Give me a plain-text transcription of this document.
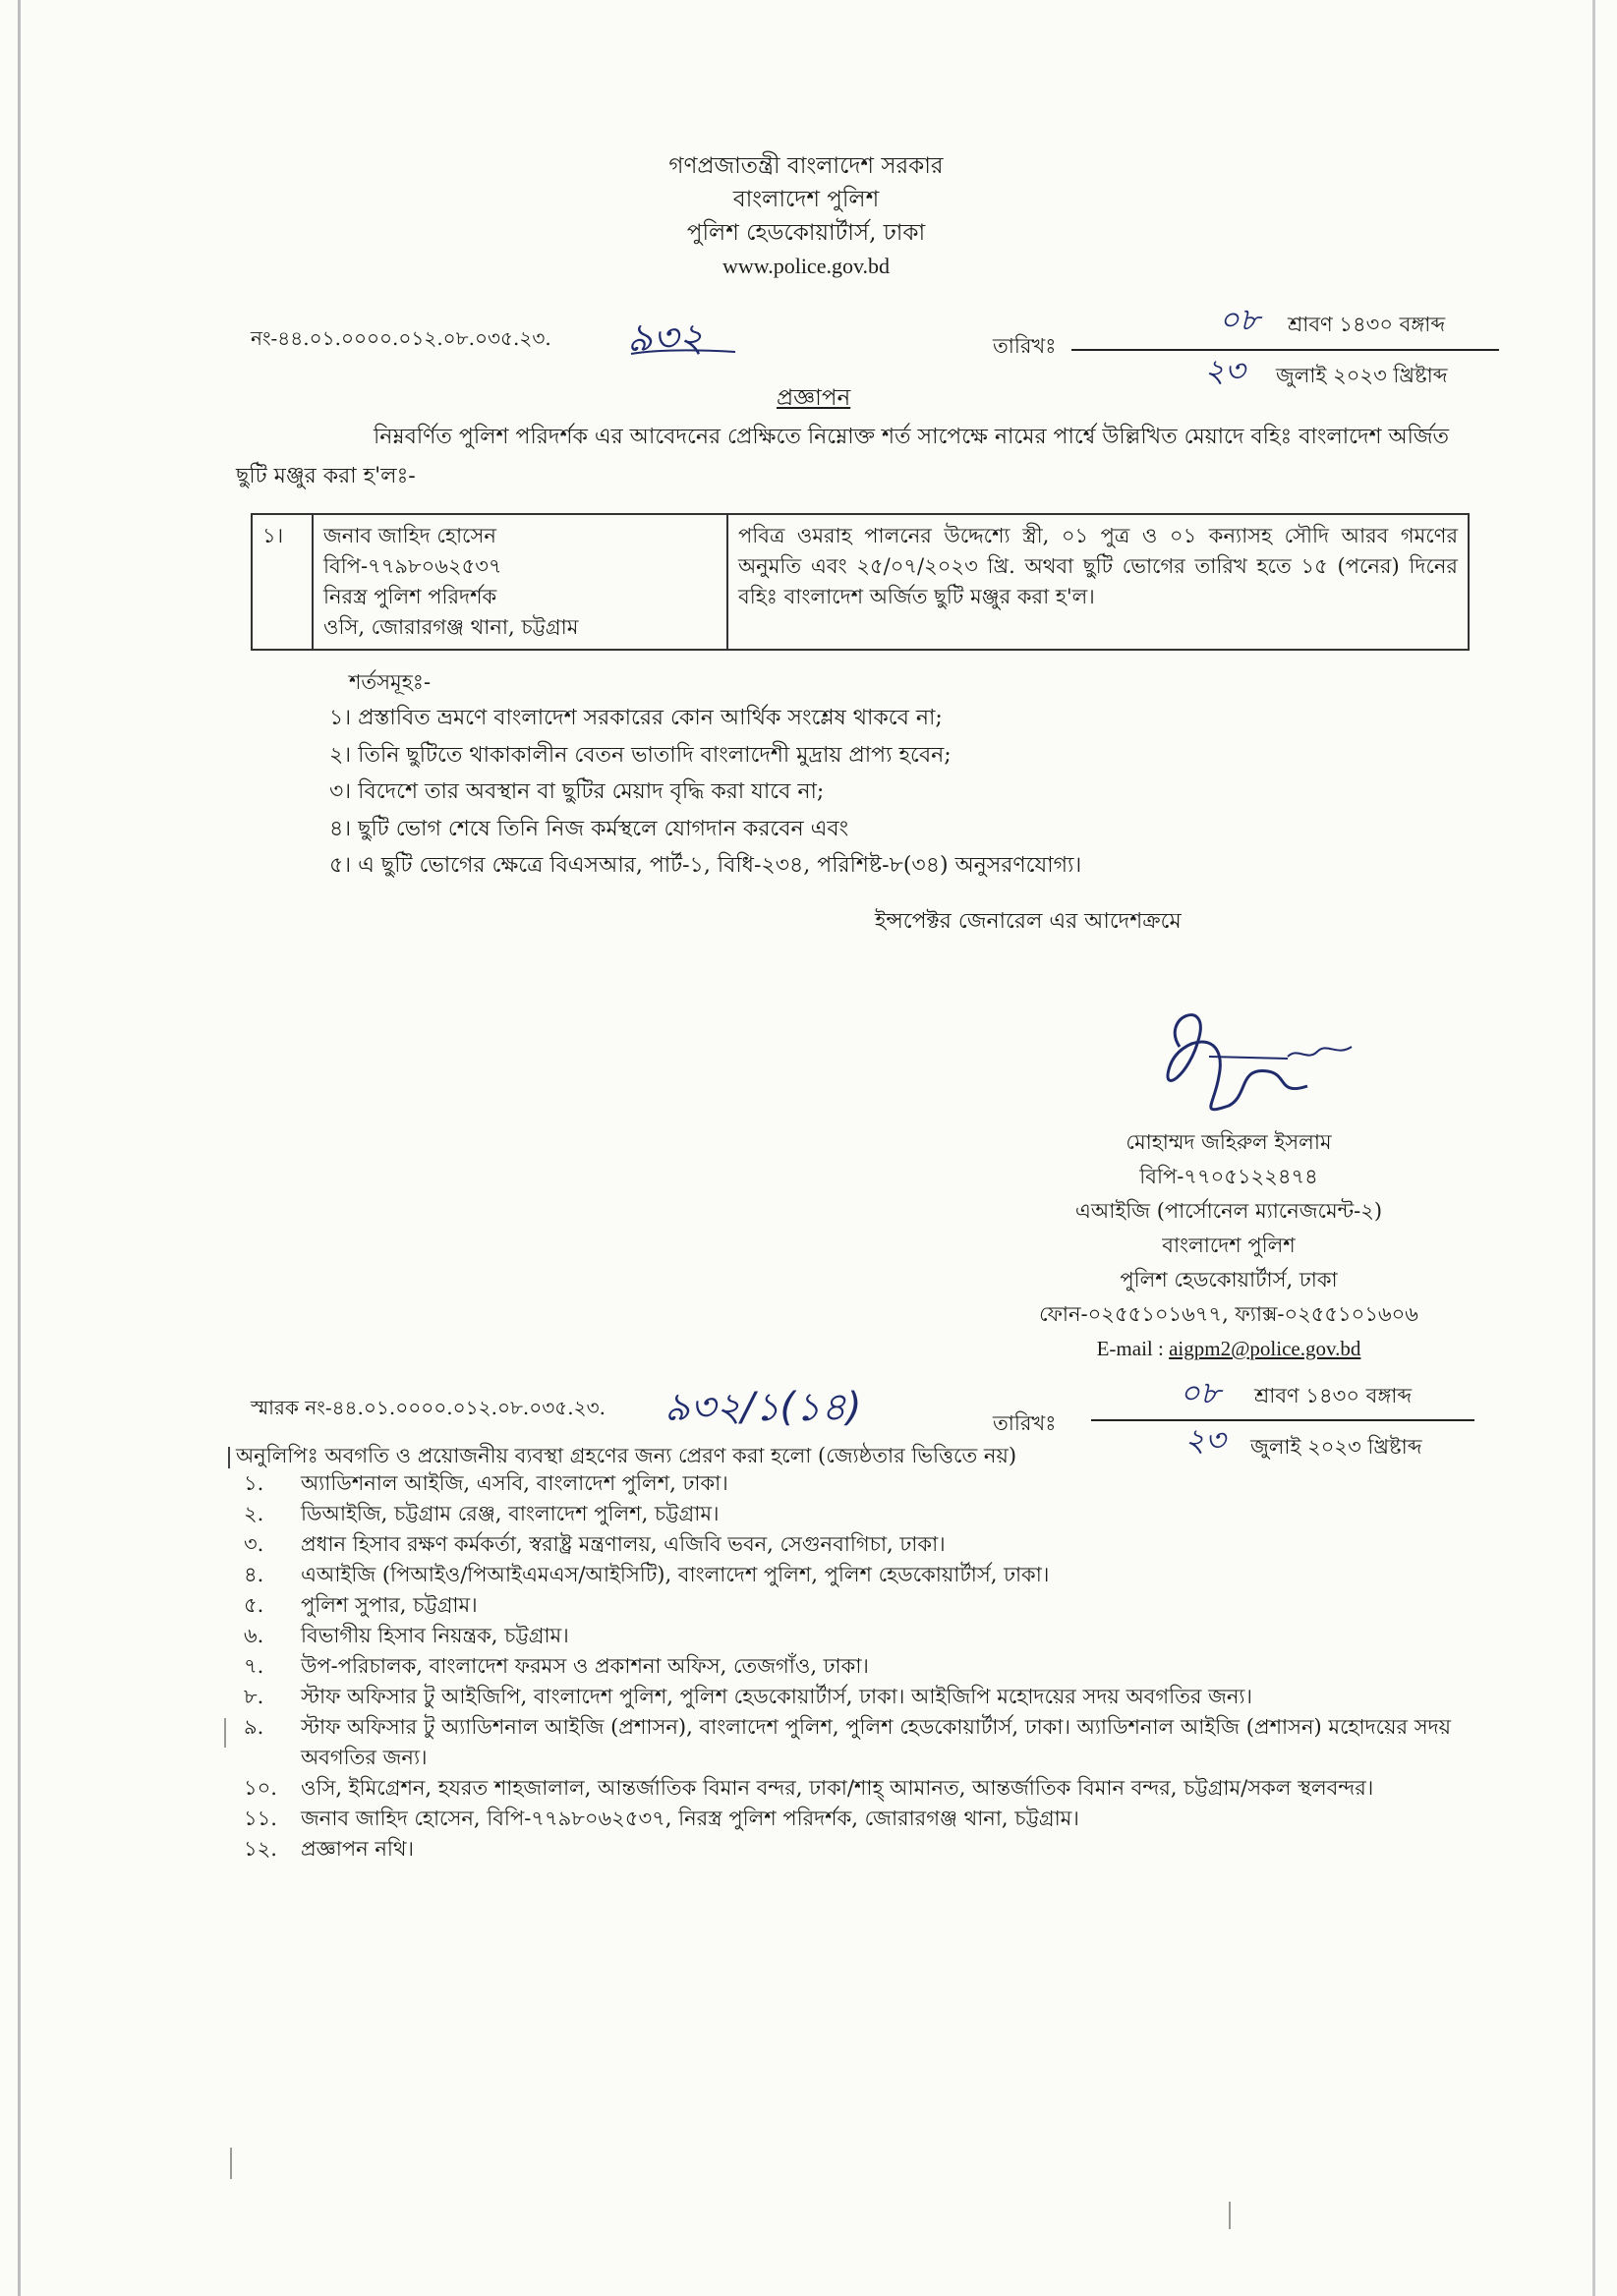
গণপ্রজাতন্ত্রী বাংলাদেশ সরকার
বাংলাদেশ পুলিশ
পুলিশ হেডকোয়ার্টার্স, ঢাকা
www.police.gov.bd
নং-৪৪.০১.০০০০.০১২.০৮.০৩৫.২৩. ৯৩২	তারিখঃ
০৮ শ্রাবণ ১৪৩০ বঙ্গাব্দ
২৩ জুলাই ২০২৩ খ্রিষ্টাব্দ
প্রজ্ঞাপন
নিম্নবর্ণিত পুলিশ পরিদর্শক এর আবেদনের প্রেক্ষিতে নিম্নোক্ত শর্ত সাপেক্ষে নামের পার্শ্বে উল্লিখিত মেয়াদে বহিঃ বাংলাদেশ অর্জিত ছুটি মঞ্জুর করা হ'লঃ-
১।	জনাব জাহিদ হোসেন
বিপি-৭৭৯৮০৬২৫৩৭
নিরস্ত্র পুলিশ পরিদর্শক
ওসি, জোরারগঞ্জ থানা, চট্টগ্রাম
	পবিত্র ওমরাহ পালনের উদ্দেশ্যে স্ত্রী, ০১ পুত্র ও ০১ কন্যাসহ সৌদি আরব গমণের অনুমতি এবং ২৫/০৭/২০২৩ খ্রি. অথবা ছুটি ভোগের তারিখ হতে ১৫ (পনের) দিনের বহিঃ বাংলাদেশ অর্জিত ছুটি মঞ্জুর করা হ'ল।
শর্তসমূহঃ-
১। প্রস্তাবিত ভ্রমণে বাংলাদেশ সরকারের কোন আর্থিক সংশ্লেষ থাকবে না;
২। তিনি ছুটিতে থাকাকালীন বেতন ভাতাদি বাংলাদেশী মুদ্রায় প্রাপ্য হবেন;
৩। বিদেশে তার অবস্থান বা ছুটির মেয়াদ বৃদ্ধি করা যাবে না;
৪। ছুটি ভোগ শেষে তিনি নিজ কর্মস্থলে যোগদান করবেন এবং
৫। এ ছুটি ভোগের ক্ষেত্রে বিএসআর, পার্ট-১, বিধি-২৩৪, পরিশিষ্ট-৮(৩৪) অনুসরণযোগ্য।
ইন্সপেক্টর জেনারেল এর আদেশক্রমে
মোহাম্মদ জহিরুল ইসলাম
বিপি-৭৭০৫১২২৪৭৪
এআইজি (পার্সোনেল ম্যানেজমেন্ট-২)
বাংলাদেশ পুলিশ
পুলিশ হেডকোয়ার্টার্স, ঢাকা
ফোন-০২৫৫১০১৬৭৭, ফ্যাক্স-০২৫৫১০১৬০৬
E-mail : aigpm2@police.gov.bd
স্মারক নং-৪৪.০১.০০০০.০১২.০৮.০৩৫.২৩. ৯৩২/১(১৪)	তারিখঃ
০৮ শ্রাবণ ১৪৩০ বঙ্গাব্দ
২৩ জুলাই ২০২৩ খ্রিষ্টাব্দ
অনুলিপিঃ অবগতি ও প্রয়োজনীয় ব্যবস্থা গ্রহণের জন্য প্রেরণ করা হলো (জ্যেষ্ঠতার ভিত্তিতে নয়)
১.	অ্যাডিশনাল আইজি, এসবি, বাংলাদেশ পুলিশ, ঢাকা।
২.	ডিআইজি, চট্টগ্রাম রেঞ্জ, বাংলাদেশ পুলিশ, চট্টগ্রাম।
৩.	প্রধান হিসাব রক্ষণ কর্মকর্তা, স্বরাষ্ট্র মন্ত্রণালয়, এজিবি ভবন, সেগুনবাগিচা, ঢাকা।
৪.	এআইজি (পিআইও/পিআইএমএস/আইসিটি), বাংলাদেশ পুলিশ, পুলিশ হেডকোয়ার্টার্স, ঢাকা।
৫.	পুলিশ সুপার, চট্টগ্রাম।
৬.	বিভাগীয় হিসাব নিয়ন্ত্রক, চট্টগ্রাম।
৭.	উপ-পরিচালক, বাংলাদেশ ফরমস ও প্রকাশনা অফিস, তেজগাঁও, ঢাকা।
৮.	স্টাফ অফিসার টু আইজিপি, বাংলাদেশ পুলিশ, পুলিশ হেডকোয়ার্টার্স, ঢাকা। আইজিপি মহোদয়ের সদয় অবগতির জন্য।
৯.	স্টাফ অফিসার টু অ্যাডিশনাল আইজি (প্রশাসন), বাংলাদেশ পুলিশ, পুলিশ হেডকোয়ার্টার্স, ঢাকা। অ্যাডিশনাল আইজি (প্রশাসন) মহোদয়ের সদয় অবগতির জন্য।
১০.	ওসি, ইমিগ্রেশন, হযরত শাহজালাল, আন্তর্জাতিক বিমান বন্দর, ঢাকা/শাহ্ আমানত, আন্তর্জাতিক বিমান বন্দর, চট্টগ্রাম/সকল স্থলবন্দর।
১১.	জনাব জাহিদ হোসেন, বিপি-৭৭৯৮০৬২৫৩৭, নিরস্ত্র পুলিশ পরিদর্শক, জোরারগঞ্জ থানা, চট্টগ্রাম।
১২.	প্রজ্ঞাপন নথি।
